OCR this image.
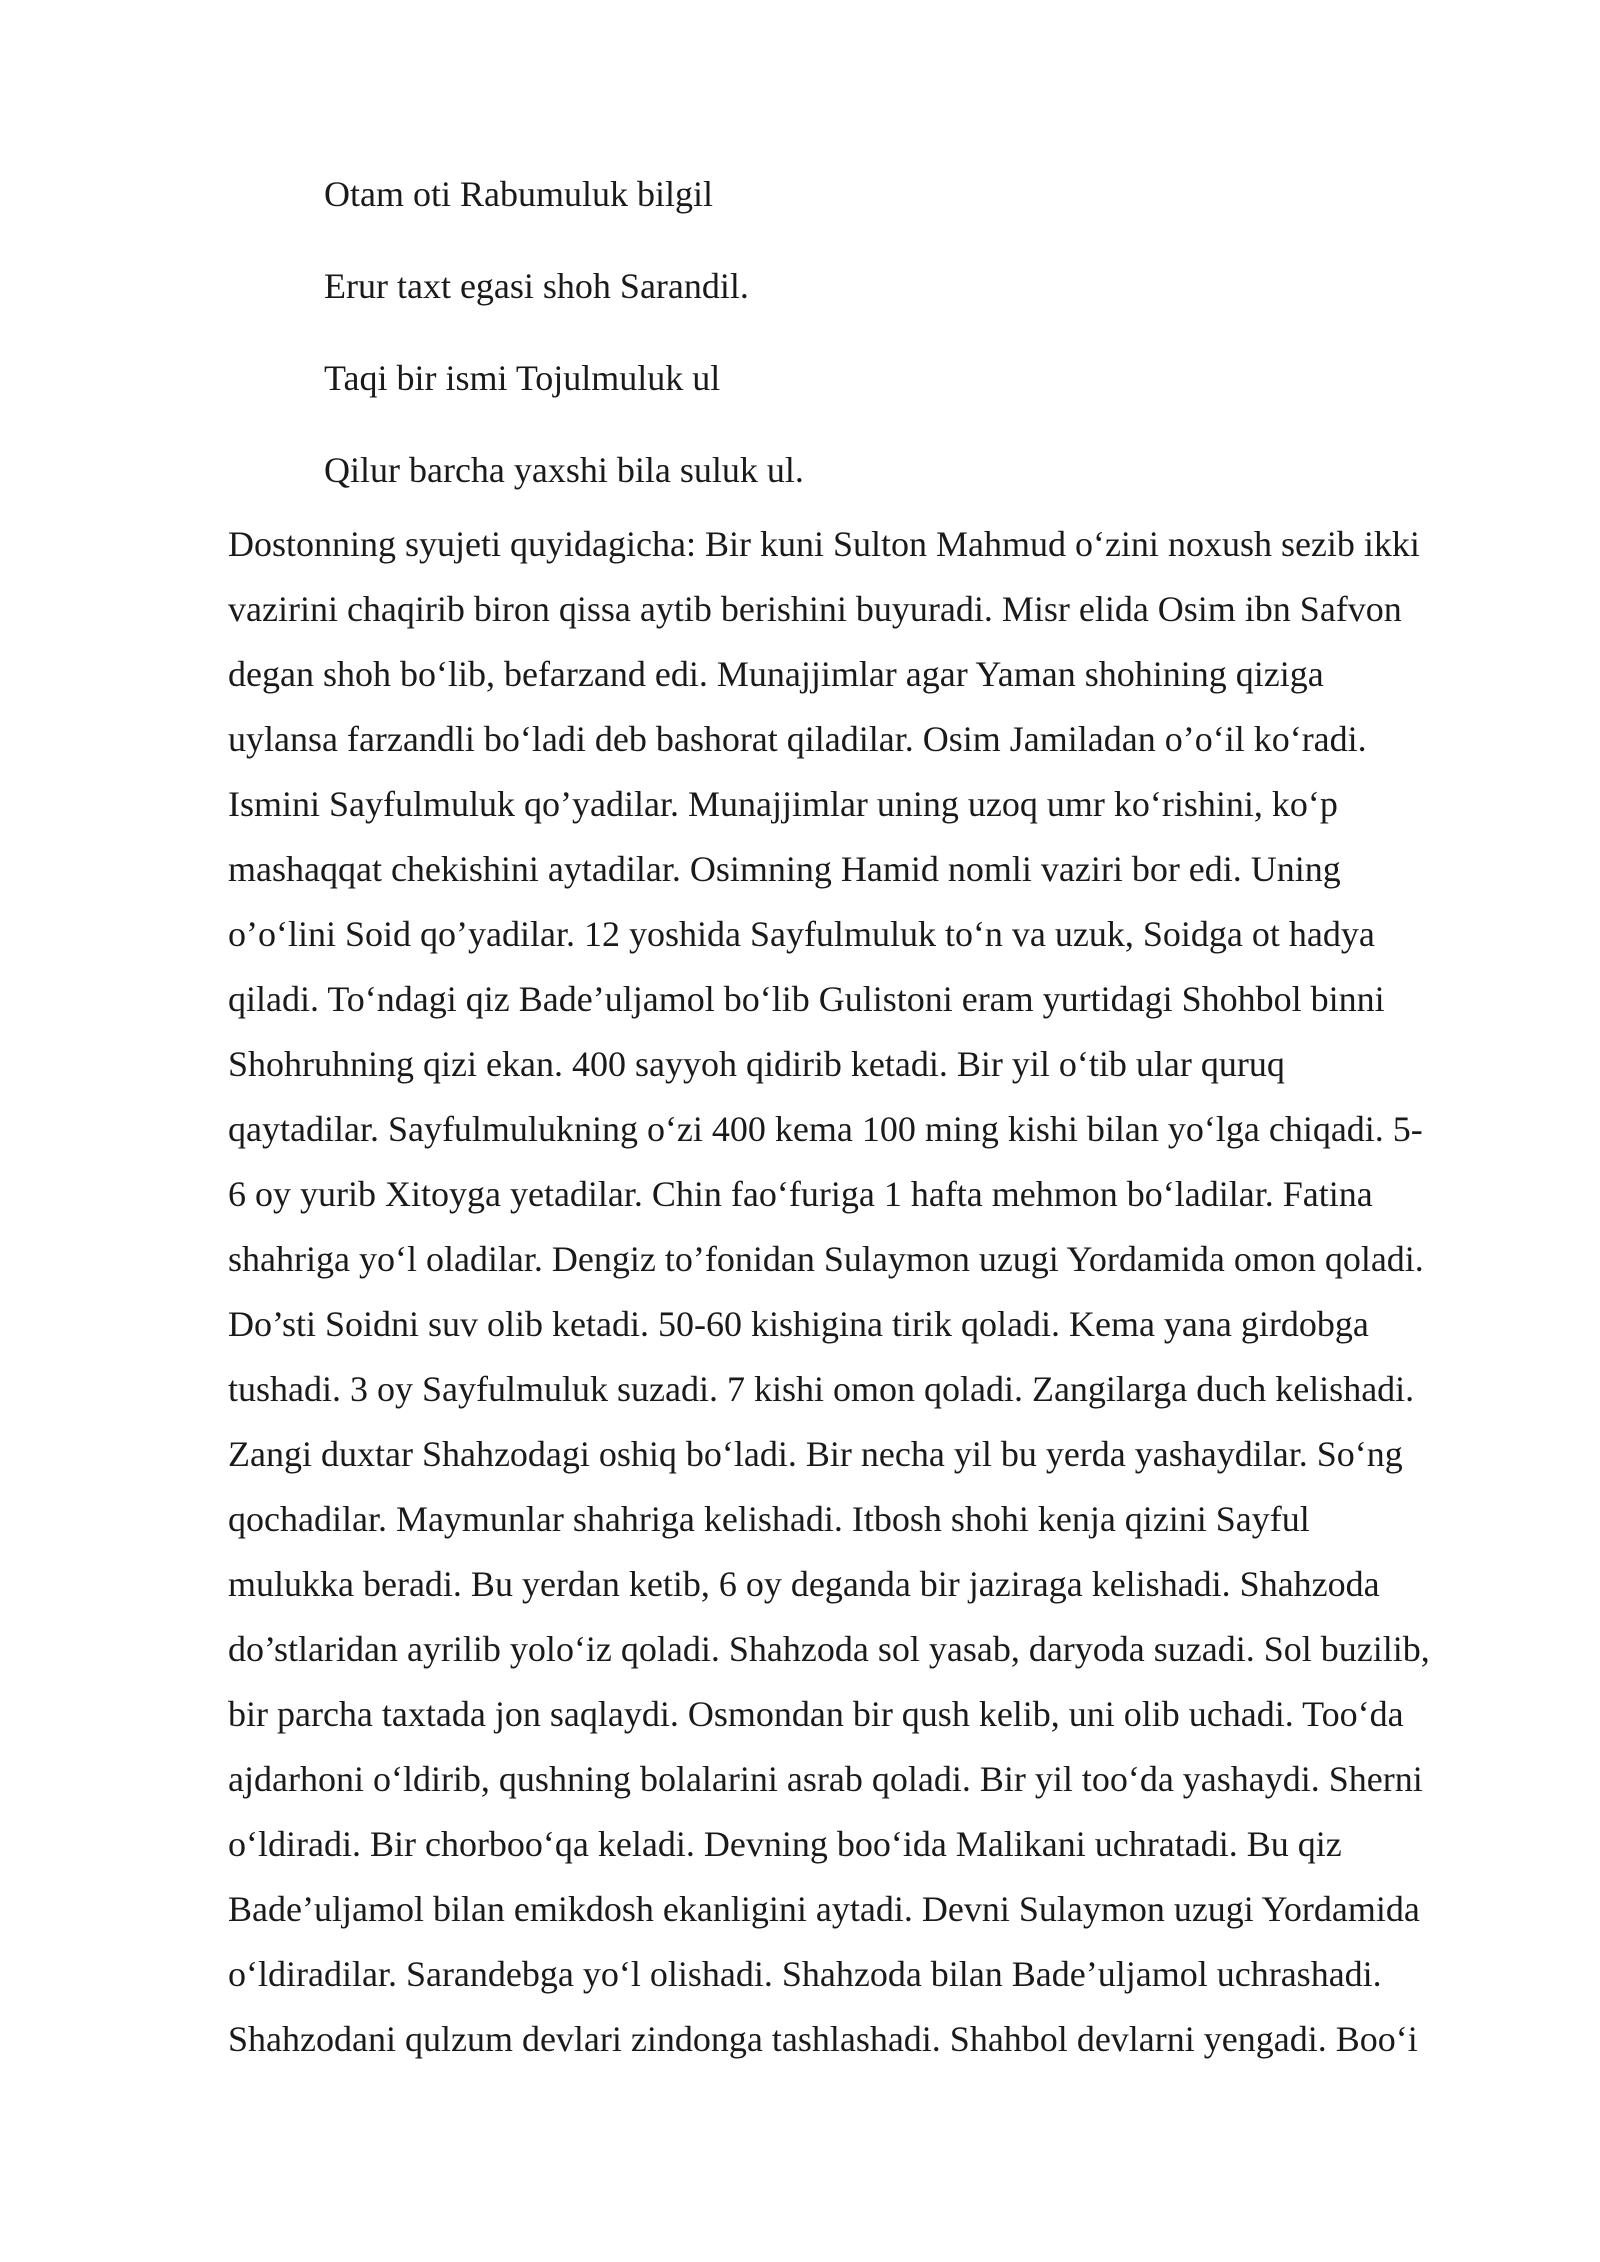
Otam oti Rabumuluk bilgil
Erur taxt egasi shoh Sarandil.
Taqi bir ismi Tojulmuluk ul
Qilur barcha yaxshi bila suluk ul.
Dostonning syujeti quyidagicha: Bir kuni Sulton Mahmud o‘zini noxush sezib ikki
vazirini chaqirib biron qissa aytib berishini buyuradi. Misr elida Osim ibn Safvon
degan shoh bo‘lib, befarzand edi. Munajjimlar agar Yaman shohining qiziga
uylansa farzandli bo‘ladi deb bashorat qiladilar. Osim Jamiladan o’o‘il ko‘radi.
Ismini Sayfulmuluk qo’yadilar. Munajjimlar uning uzoq umr ko‘rishini, ko‘p
mashaqqat chekishini aytadilar. Osimning Hamid nomli vaziri bor edi. Uning
o’o‘lini Soid qo’yadilar. 12 yoshida Sayfulmuluk to‘n va uzuk, Soidga ot hadya
qiladi. To‘ndagi qiz Bade’uljamol bo‘lib Gulistoni eram yurtidagi Shohbol binni
Shohruhning qizi ekan. 400 sayyoh qidirib ketadi. Bir yil o‘tib ular quruq
qaytadilar. Sayfulmulukning o‘zi 400 kema 100 ming kishi bilan yo‘lga chiqadi. 5-
6 oy yurib Xitoyga yetadilar. Chin fao‘furiga 1 hafta mehmon bo‘ladilar. Fatina
shahriga yo‘l oladilar. Dengiz to’fonidan Sulaymon uzugi Yordamida omon qoladi.
Do’sti Soidni suv olib ketadi. 50-60 kishigina tirik qoladi. Kema yana girdobga
tushadi. 3 oy Sayfulmuluk suzadi. 7 kishi omon qoladi. Zangilarga duch kelishadi.
Zangi duxtar Shahzodagi oshiq bo‘ladi. Bir necha yil bu yerda yashaydilar. So‘ng
qochadilar. Maymunlar shahriga kelishadi. Itbosh shohi kenja qizini Sayful
mulukka beradi. Bu yerdan ketib, 6 oy deganda bir jaziraga kelishadi. Shahzoda
do’stlaridan ayrilib yolo‘iz qoladi. Shahzoda sol yasab, daryoda suzadi. Sol buzilib,
bir parcha taxtada jon saqlaydi. Osmondan bir qush kelib, uni olib uchadi. Too‘da
ajdarhoni o‘ldirib, qushning bolalarini asrab qoladi. Bir yil too‘da yashaydi. Sherni
o‘ldiradi. Bir chorboo‘qa keladi. Devning boo‘ida Malikani uchratadi. Bu qiz
Bade’uljamol bilan emikdosh ekanligini aytadi. Devni Sulaymon uzugi Yordamida
o‘ldiradilar. Sarandebga yo‘l olishadi. Shahzoda bilan Bade’uljamol uchrashadi.
Shahzodani qulzum devlari zindonga tashlashadi. Shahbol devlarni yengadi. Boo‘i
